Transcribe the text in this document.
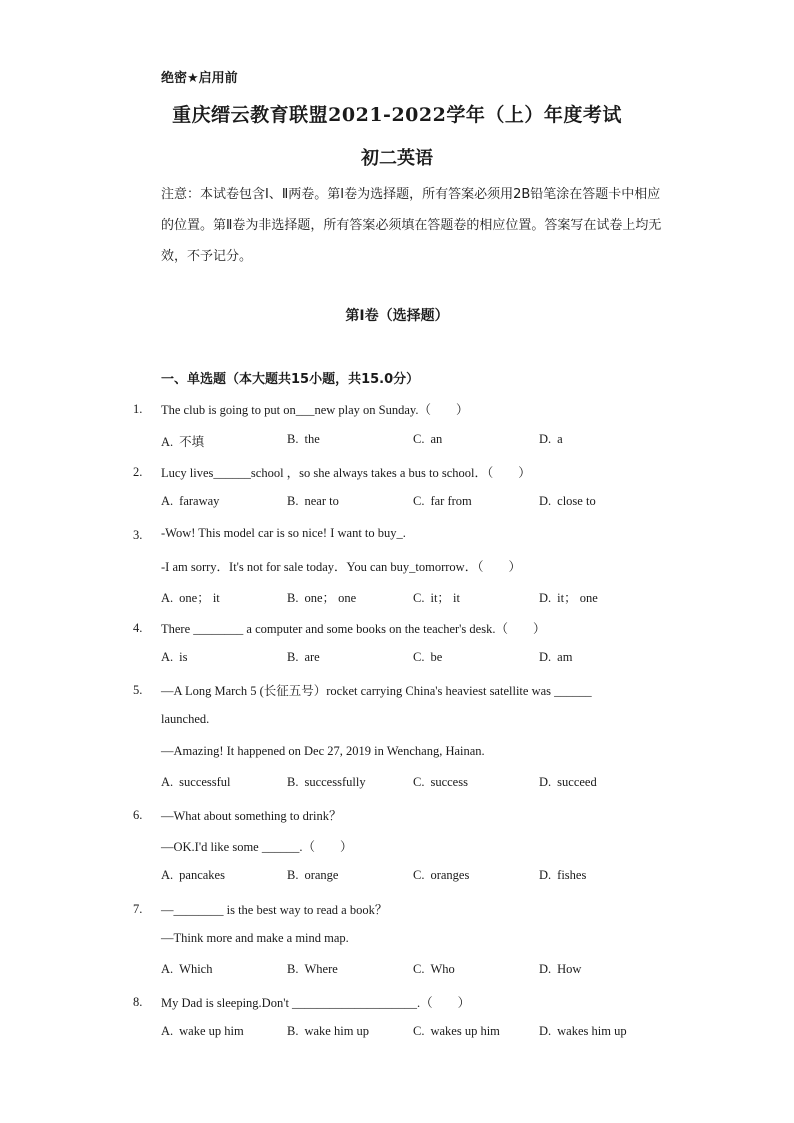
绝密★启用前
重庆缙云教育联盟2021-2022学年（上）年度考试
初二英语
注意：本试卷包含Ⅰ、Ⅱ两卷。第Ⅰ卷为选择题，所有答案必须用2B铅笔涂在答题卡中相应的位置。第Ⅱ卷为非选择题，所有答案必须填在答题卷的相应位置。答案写在试卷上均无效，不予记分。
第Ⅰ卷（选择题）
一、单选题（本大题共15小题，共15.0分）
1. The club is going to put on___new play on Sunday.（　　）
A. 不填	B. the	C. an	D. a
2. Lucy lives______school ，so she always takes a bus to school．（　　）
A. faraway	B. near to	C. far from	D. close to
3. -Wow! This model car is so nice! I want to buy_.
-I am sorry．It's not for sale today．You can buy_tomorrow．（　　）
A. one； it	B. one； one	C. it； it	D. it； one
4. There ________ a computer and some books on the teacher's desk.（　　）
A. is	B. are	C. be	D. am
5. —A Long March 5 (长征五号）rocket carrying China's heaviest satellite was ______
launched.
—Amazing! It happened on Dec 27, 2019 in Wenchang, Hainan.
A. successful	B. successfully	C. success	D. succeed
6. —What about something to drink？
—OK.I'd like some ______.（　　）
A. pancakes	B. orange	C. oranges	D. fishes
7. —________ is the best way to read a book？
—Think more and make a mind map.
A. Which	B. Where	C. Who	D. How
8. My Dad is sleeping.Don't ____________________.（　　）
A. wake up him	B. wake him up	C. wakes up him	D. wakes him up
